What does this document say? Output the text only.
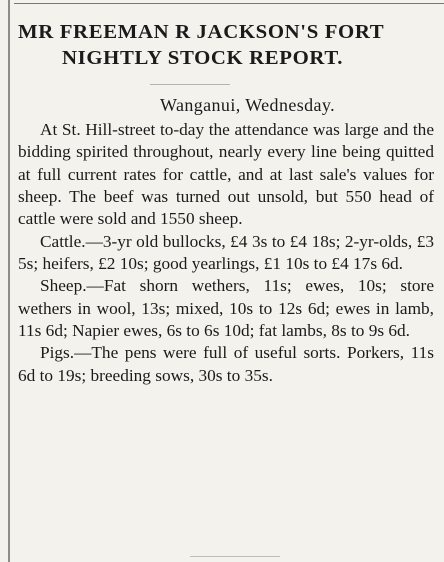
MR FREEMAN R JACKSON'S FORT
NIGHTLY STOCK REPORT.
Wanganui, Wednesday.

At St. Hill-street to-day the attendance was large and the bidding spirited throughout, nearly every line being quitted at full current rates for cattle, and at last sale's values for sheep. The beef was turned out unsold, but 550 head of cattle were sold and 1550 sheep.

Cattle.—3-yr old bullocks, £4 3s to £4 18s; 2-yr-olds, £3 5s; heifers, £2 10s; good yearlings, £1 10s to £4 17s 6d.

Sheep.—Fat shorn wethers, 11s; ewes, 10s; store wethers in wool, 13s; mixed, 10s to 12s 6d; ewes in lamb, 11s 6d; Napier ewes, 6s to 6s 10d; fat lambs, 8s to 9s 6d.

Pigs.—The pens were full of useful sorts. Porkers, 11s 6d to 19s; breeding sows, 30s to 35s.
